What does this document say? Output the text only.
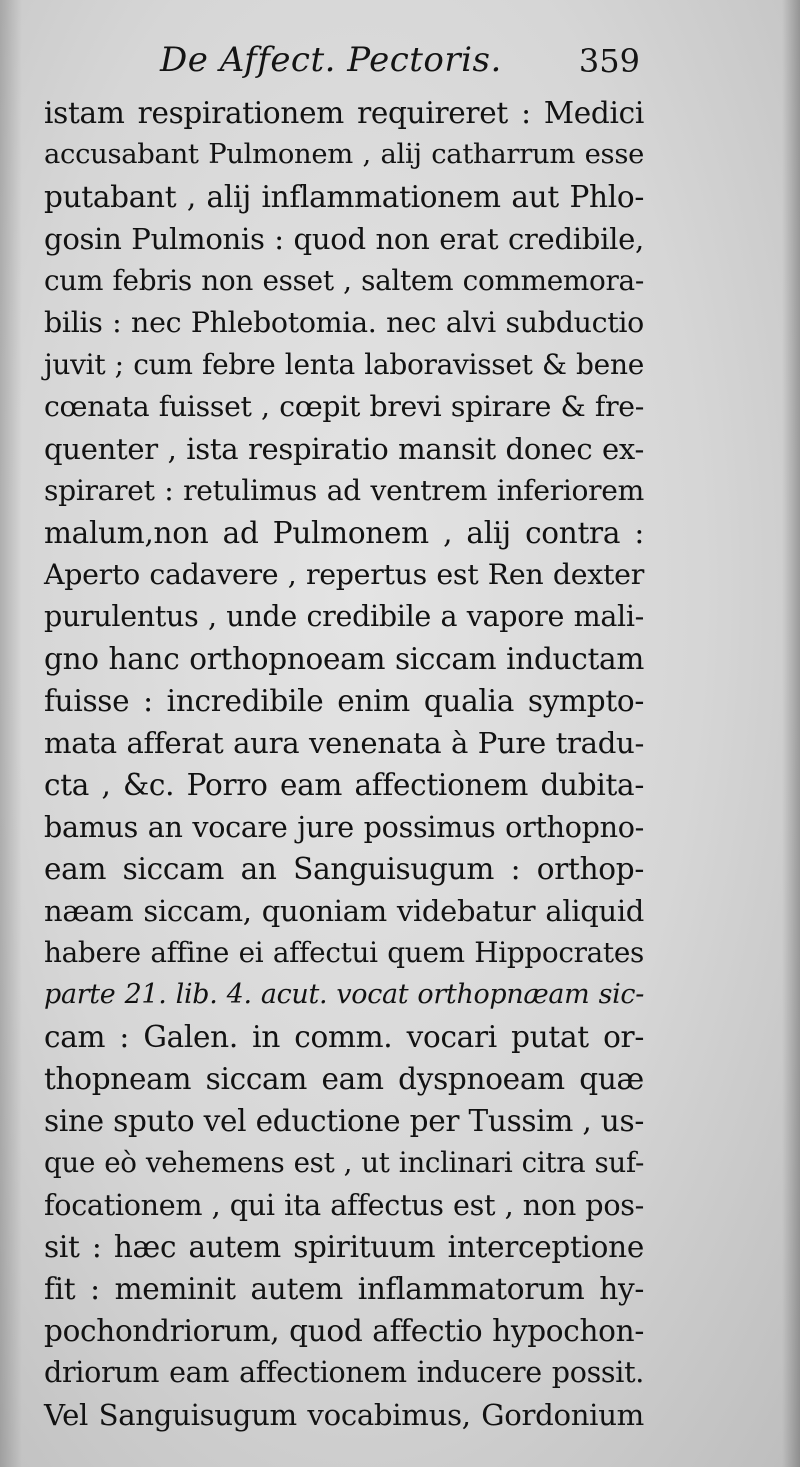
De Affect. Pectoris. 359
istam respirationem requireret : Medici
accusabant Pulmonem , alij catharrum esse
putabant , alij inflammationem aut Phlo-
gosin Pulmonis : quod non erat credibile,
cum febris non esset , saltem commemora-
bilis : nec Phlebotomia. nec alvi subductio
juvit ; cum febre lenta laboravisset & bene
cœnata fuisset , cœpit brevi spirare & fre-
quenter , ista respiratio mansit donec ex-
spiraret : retulimus ad ventrem inferiorem
malum,non ad Pulmonem , alij contra :
Aperto cadavere , repertus est Ren dexter
purulentus , unde credibile a vapore mali-
gno hanc orthopnoeam siccam inductam
fuisse : incredibile enim qualia sympto-
mata afferat aura venenata à Pure tradu-
cta , &c. Porro eam affectionem dubita-
bamus an vocare jure possimus orthopno-
eam siccam an Sanguisugum : orthop-
næam siccam, quoniam videbatur aliquid
habere affine ei affectui quem Hippocrates
parte 21. lib. 4. acut. vocat orthopnæam sic-
cam : Galen. in comm. vocari putat or-
thopneam siccam eam dyspnoeam quæ
sine sputo vel eductione per Tussim , us-
que eò vehemens est , ut inclinari citra suf-
focationem , qui ita affectus est , non pos-
sit : hæc autem spirituum interceptione
fit : meminit autem inflammatorum hy-
pochondriorum, quod affectio hypochon-
driorum eam affectionem inducere possit.
Vel Sanguisugum vocabimus, Gordonium
